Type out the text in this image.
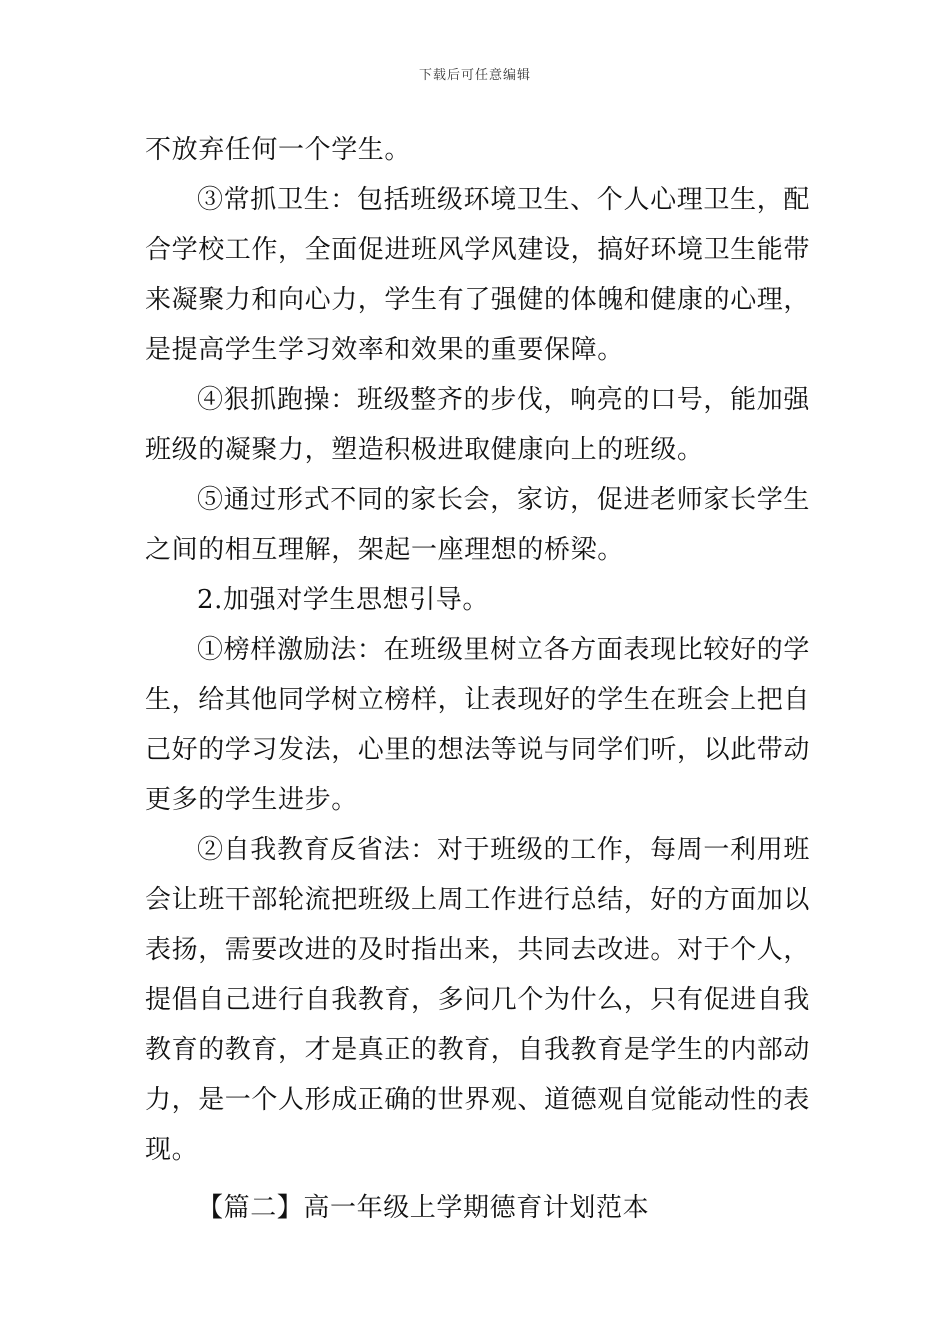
下载后可任意编辑

不放弃任何一个学生。

③常抓卫生：包括班级环境卫生、个人心理卫生，配合学校工作，全面促进班风学风建设，搞好环境卫生能带来凝聚力和向心力，学生有了强健的体魄和健康的心理，是提高学生学习效率和效果的重要保障。

④狠抓跑操：班级整齐的步伐，响亮的口号，能加强班级的凝聚力，塑造积极进取健康向上的班级。

⑤通过形式不同的家长会，家访，促进老师家长学生之间的相互理解，架起一座理想的桥梁。

2.加强对学生思想引导。

①榜样激励法：在班级里树立各方面表现比较好的学生，给其他同学树立榜样，让表现好的学生在班会上把自己好的学习发法，心里的想法等说与同学们听，以此带动更多的学生进步。

②自我教育反省法：对于班级的工作，每周一利用班会让班干部轮流把班级上周工作进行总结，好的方面加以表扬，需要改进的及时指出来，共同去改进。对于个人，提倡自己进行自我教育，多问几个为什么，只有促进自我教育的教育，才是真正的教育，自我教育是学生的内部动力，是一个人形成正确的世界观、道德观自觉能动性的表现。

【篇二】高一年级上学期德育计划范本
